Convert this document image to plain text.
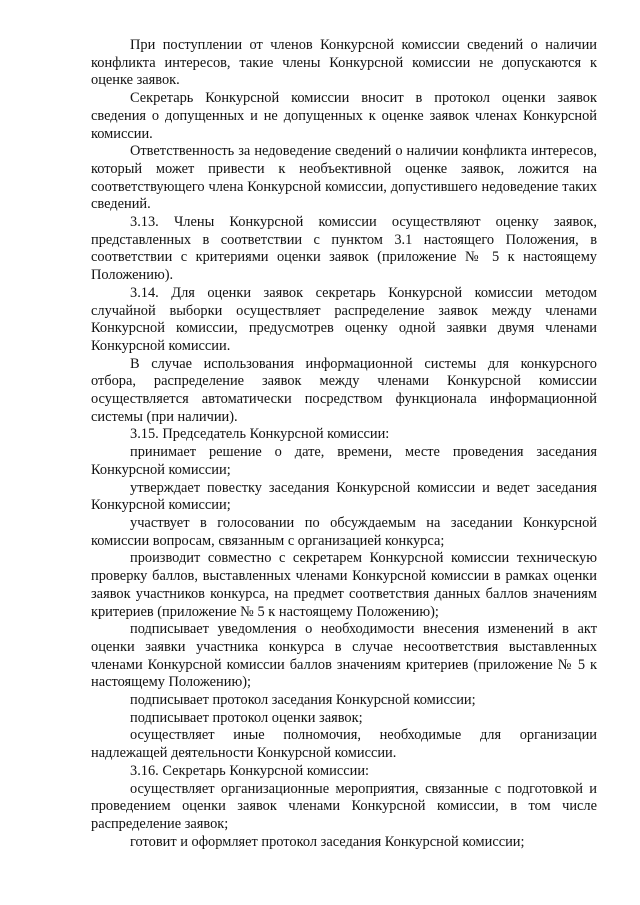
При поступлении от членов Конкурсной комиссии сведений о наличии конфликта интересов, такие члены Конкурсной комиссии не допускаются к оценке заявок.

Секретарь Конкурсной комиссии вносит в протокол оценки заявок сведения о допущенных и не допущенных к оценке заявок членах Конкурсной комиссии.

Ответственность за недоведение сведений о наличии конфликта интересов, который может привести к необъективной оценке заявок, ложится на соответствующего члена Конкурсной комиссии, допустившего недоведение таких сведений.

3.13. Члены Конкурсной комиссии осуществляют оценку заявок, представленных в соответствии с пунктом 3.1 настоящего Положения, в соответствии с критериями оценки заявок (приложение № 5 к настоящему Положению).

3.14. Для оценки заявок секретарь Конкурсной комиссии методом случайной выборки осуществляет распределение заявок между членами Конкурсной комиссии, предусмотрев оценку одной заявки двумя членами Конкурсной комиссии.

В случае использования информационной системы для конкурсного отбора, распределение заявок между членами Конкурсной комиссии осуществляется автоматически посредством функционала информационной системы (при наличии).

3.15. Председатель Конкурсной комиссии:

принимает решение о дате, времени, месте проведения заседания Конкурсной комиссии;

утверждает повестку заседания Конкурсной комиссии и ведет заседания Конкурсной комиссии;

участвует в голосовании по обсуждаемым на заседании Конкурсной комиссии вопросам, связанным с организацией конкурса;

производит совместно с секретарем Конкурсной комиссии техническую проверку баллов, выставленных членами Конкурсной комиссии в рамках оценки заявок участников конкурса, на предмет соответствия данных баллов значениям критериев (приложение № 5 к настоящему Положению);

подписывает уведомления о необходимости внесения изменений в акт оценки заявки участника конкурса в случае несоответствия выставленных членами Конкурсной комиссии баллов значениям критериев (приложение № 5 к настоящему Положению);

подписывает протокол заседания Конкурсной комиссии;

подписывает протокол оценки заявок;

осуществляет иные полномочия, необходимые для организации надлежащей деятельности Конкурсной комиссии.

3.16. Секретарь Конкурсной комиссии:

осуществляет организационные мероприятия, связанные с подготовкой и проведением оценки заявок членами Конкурсной комиссии, в том числе распределение заявок;

готовит и оформляет протокол заседания Конкурсной комиссии;
